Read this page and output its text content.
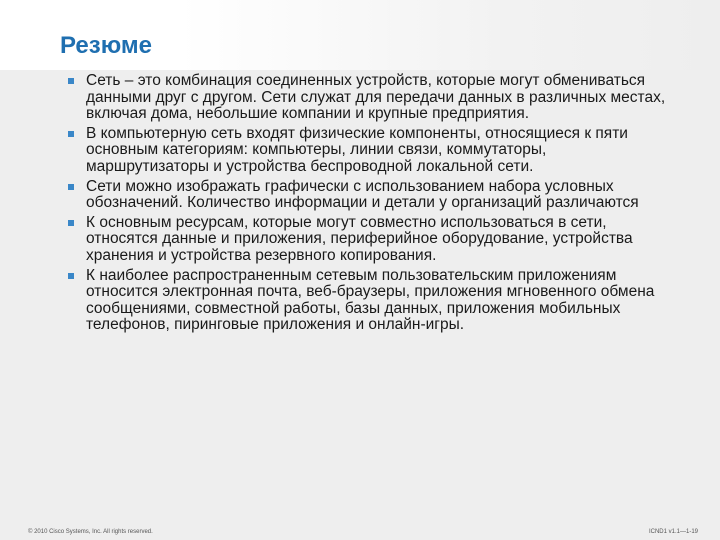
Резюме
Сеть – это комбинация соединенных устройств, которые могут обмениваться данными друг с другом. Сети служат для передачи данных в различных местах, включая дома, небольшие компании и крупные предприятия.
В компьютерную сеть входят физические компоненты, относящиеся к пяти основным категориям: компьютеры, линии связи, коммутаторы, маршрутизаторы и устройства беспроводной локальной сети.
Сети можно изображать графически с использованием набора условных обозначений. Количество информации и детали у организаций различаются
К основным ресурсам, которые могут совместно использоваться в сети, относятся данные и приложения, периферийное оборудование, устройства хранения и устройства резервного копирования.
К наиболее распространенным сетевым пользовательским приложениям относится электронная почта, веб-браузеры, приложения мгновенного обмена сообщениями, совместной работы, базы данных, приложения мобильных телефонов, пиринговые приложения и онлайн-игры.
© 2010 Cisco Systems, Inc. All rights reserved.	ICND1 v1.1—1-19
